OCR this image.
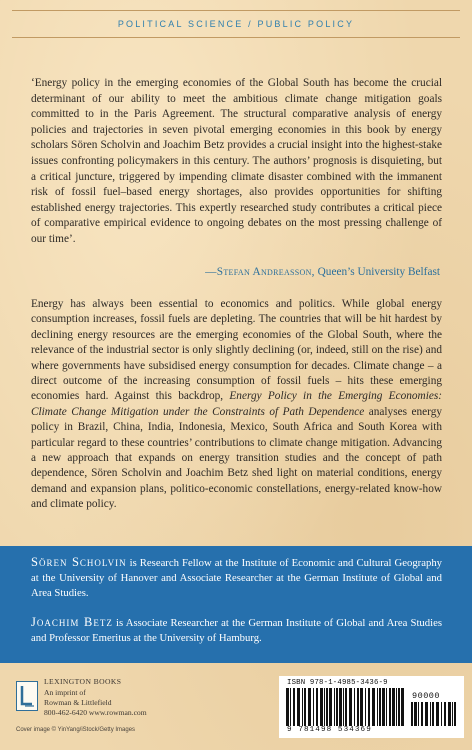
POLITICAL SCIENCE / PUBLIC POLICY

‘Energy policy in the emerging economies of the Global South has become the crucial determinant of our ability to meet the ambitious climate change mitigation goals committed to in the Paris Agreement. The structural comparative analysis of energy policies and trajectories in seven pivotal emerging economies in this book by energy scholars Sören Scholvin and Joachim Betz provides a crucial insight into the highest-stake issues confronting policymakers in this century. The authors’ prognosis is disquieting, but a critical juncture, triggered by impending climate disaster combined with the immanent risk of fossil fuel–based energy shortages, also provides opportunities for shifting established energy trajectories. This expertly researched study contributes a critical piece of comparative empirical evidence to ongoing debates on the most pressing challenge of our time’.

—Stefan Andreasson, Queen’s University Belfast

Energy has always been essential to economics and politics. While global energy consumption increases, fossil fuels are depleting. The countries that will be hit hardest by declining energy resources are the emerging economies of the Global South, where the relevance of the industrial sector is only slightly declining (or, indeed, still on the rise) and where governments have subsidised energy consumption for decades. Climate change – a direct outcome of the increasing consumption of fossil fuels – hits these emerging economies hard. Against this backdrop, Energy Policy in the Emerging Economies: Climate Change Mitigation under the Constraints of Path Dependence analyses energy policy in Brazil, China, India, Indonesia, Mexico, South Africa and South Korea with particular regard to these countries’ contributions to climate change mitigation. Advancing a new approach that expands on energy transition studies and the concept of path dependence, Sören Scholvin and Joachim Betz shed light on material conditions, energy demand and expansion plans, politico-economic constellations, energy-related know-how and climate policy.

Sören Scholvin is Research Fellow at the Institute of Economic and Cultural Geography at the University of Hanover and Associate Researcher at the German Institute of Global and Area Studies.

Joachim Betz is Associate Researcher at the German Institute of Global and Area Studies and Professor Emeritus at the University of Hamburg.

LEXINGTON BOOKS
An imprint of
Rowman & Littlefield
800-462-6420 www.rowman.com
Cover image © YinYang/iStock/Getty Images
ISBN 978-1-4985-3436-9
90000
9 781498 534369
